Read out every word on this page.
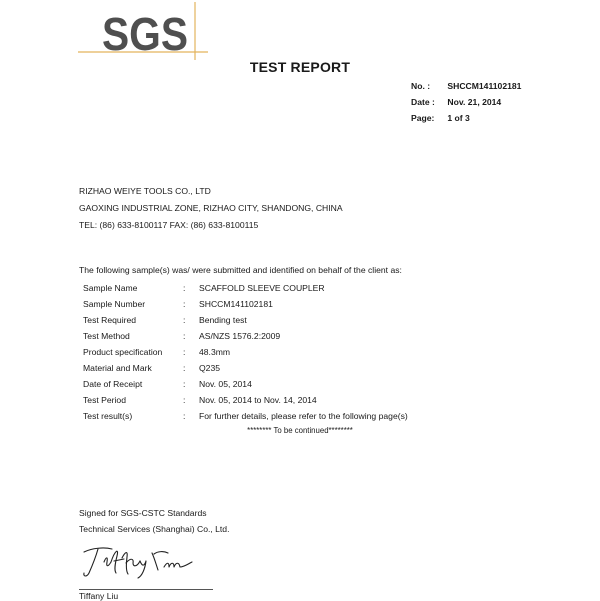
SGS
TEST REPORT
No. : SHCCM141102181
Date : Nov. 21, 2014
Page: 1 of 3
RIZHAO WEIYE TOOLS CO., LTD
GAOXING INDUSTRIAL ZONE, RIZHAO CITY, SHANDONG, CHINA
TEL: (86) 633-8100117 FAX: (86) 633-8100115
The following sample(s) was/ were submitted and identified on behalf of the client as:
Sample Name	: SCAFFOLD SLEEVE COUPLER
Sample Number	: SHCCM141102181
Test Required	: Bending test
Test Method	: AS/NZS 1576.2:2009
Product specification : 48.3mm
Material and Mark	: Q235
Date of Receipt	: Nov. 05, 2014
Test Period	: Nov. 05, 2014 to Nov. 14, 2014
Test result(s)	: For further details, please refer to the following page(s)
******** To be continued********
Signed for SGS-CSTC Standards
Technical Services (Shanghai) Co., Ltd.
Tiffany Liu
